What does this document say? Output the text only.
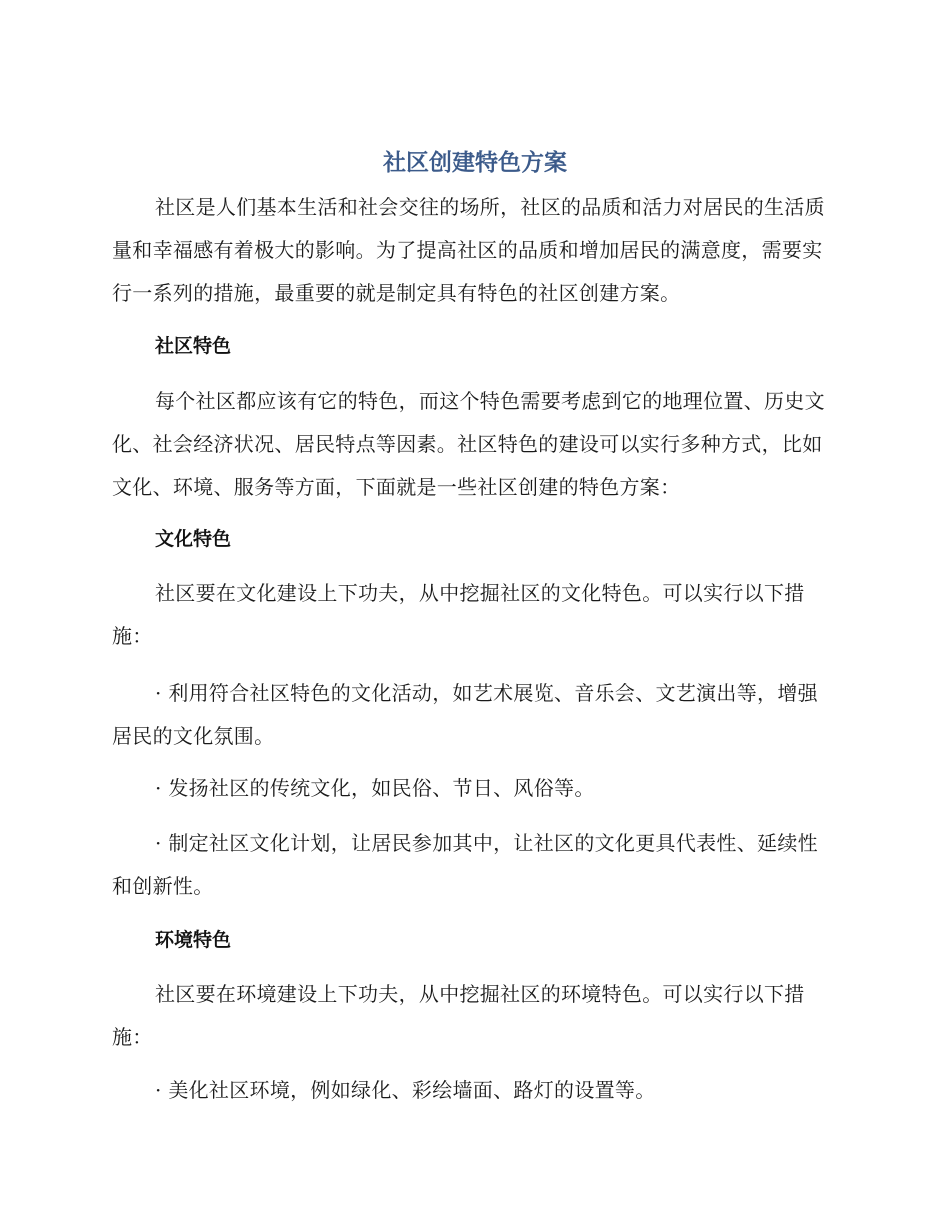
社区创建特色方案

社区是人们基本生活和社会交往的场所，社区的品质和活力对居民的生活质量和幸福感有着极大的影响。为了提高社区的品质和增加居民的满意度，需要实行一系列的措施，最重要的就是制定具有特色的社区创建方案。

社区特色

每个社区都应该有它的特色，而这个特色需要考虑到它的地理位置、历史文化、社会经济状况、居民特点等因素。社区特色的建设可以实行多种方式，比如文化、环境、服务等方面，下面就是一些社区创建的特色方案：

文化特色

社区要在文化建设上下功夫，从中挖掘社区的文化特色。可以实行以下措施：

· 利用符合社区特色的文化活动，如艺术展览、音乐会、文艺演出等，增强居民的文化氛围。

· 发扬社区的传统文化，如民俗、节日、风俗等。

· 制定社区文化计划，让居民参加其中，让社区的文化更具代表性、延续性和创新性。

环境特色

社区要在环境建设上下功夫，从中挖掘社区的环境特色。可以实行以下措施：

· 美化社区环境，例如绿化、彩绘墙面、路灯的设置等。
